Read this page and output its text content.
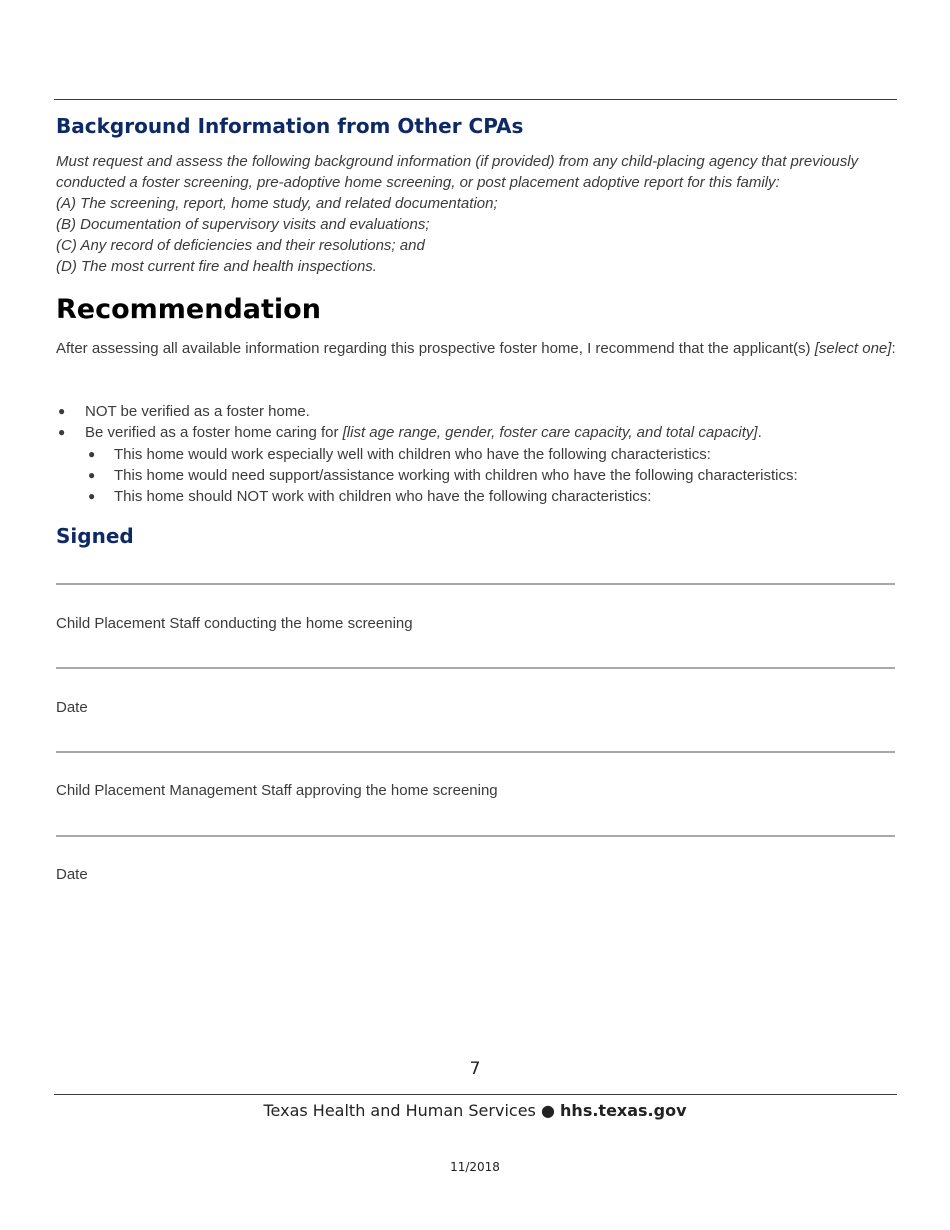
Background Information from Other CPAs
Must request and assess the following background information (if provided) from any child-placing agency that previously conducted a foster screening, pre-adoptive home screening, or post placement adoptive report for this family:
(A) The screening, report, home study, and related documentation;
(B) Documentation of supervisory visits and evaluations;
(C) Any record of deficiencies and their resolutions; and
(D) The most current fire and health inspections.
Recommendation
After assessing all available information regarding this prospective foster home, I recommend that the applicant(s) [select one]:
● NOT be verified as a foster home.
● Be verified as a foster home caring for [list age range, gender, foster care capacity, and total capacity].
● This home would work especially well with children who have the following characteristics:
● This home would need support/assistance working with children who have the following characteristics:
● This home should NOT work with children who have the following characteristics:
Signed
Child Placement Staff conducting the home screening
Date
Child Placement Management Staff approving the home screening
Date
7
Texas Health and Human Services ● hhs.texas.gov
11/2018
